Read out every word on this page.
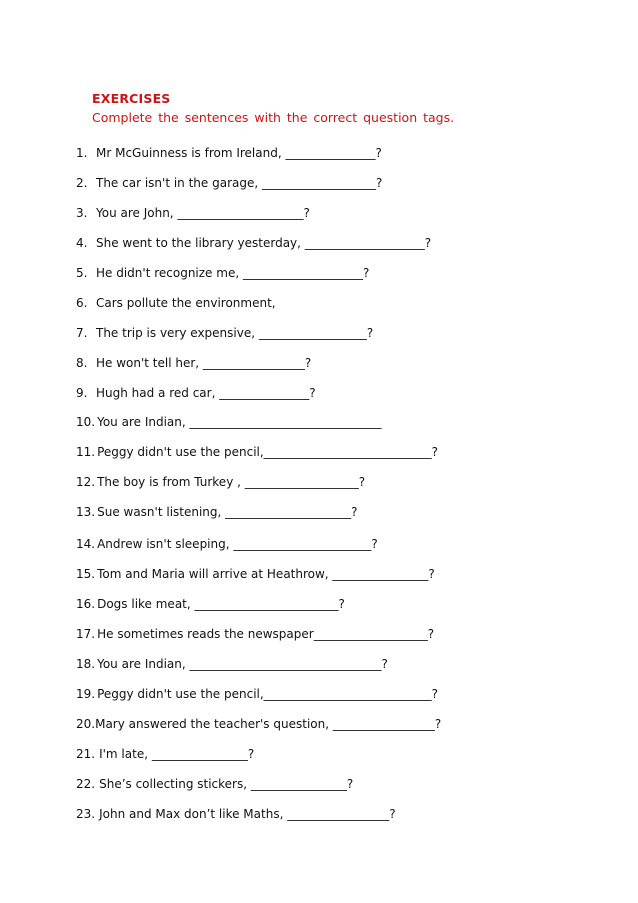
EXERCISES
Complete the sentences with the correct question tags.
1. Mr McGuinness is from Ireland, _______________?
2. The car isn't in the garage, ___________________?
3. You are John, _____________________?
4. She went to the library yesterday, ____________________?
5. He didn't recognize me, ____________________?
6. Cars pollute the environment,
7. The trip is very expensive, __________________?
8. He won't tell her, _________________?
9. Hugh had a red car, _______________?
10. You are Indian, ________________________________
11. Peggy didn't use the pencil,____________________________?
12. The boy is from Turkey , ___________________?
13. Sue wasn't listening, _____________________?
14. Andrew isn't sleeping, _______________________?
15. Tom and Maria will arrive at Heathrow, ________________?
16. Dogs like meat, ________________________?
17. He sometimes reads the newspaper___________________?
18. You are Indian, ________________________________?
19. Peggy didn't use the pencil,____________________________?
20.Mary answered the teacher's question, _________________?
21. I'm late, ________________?
22. She’s collecting stickers, ________________?
23. John and Max don’t like Maths, _________________?
